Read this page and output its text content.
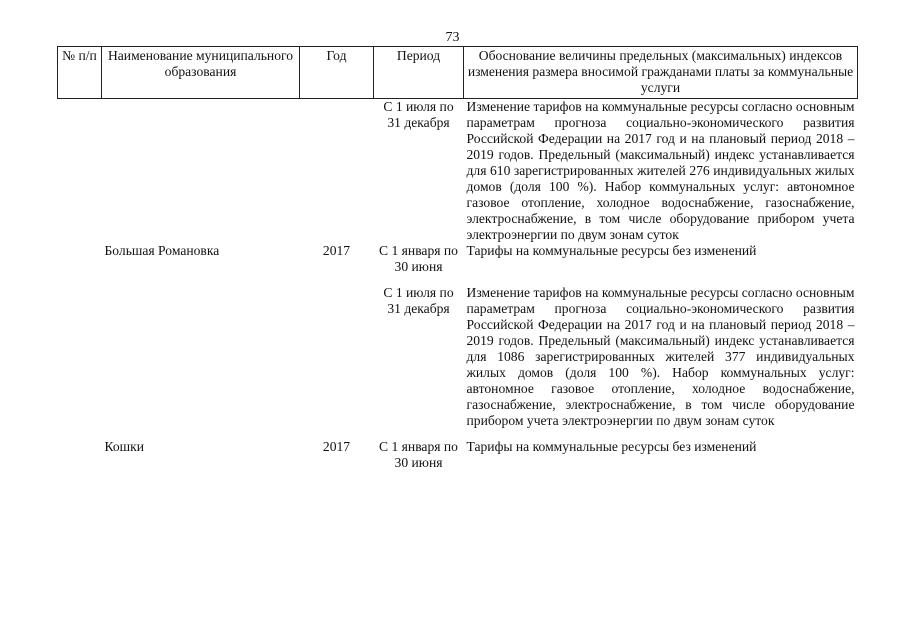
73
№ п/п	Наименование муниципального образования	Год	Период	Обоснование величины предельных (максимальных) индексов изменения размера вносимой гражданами платы за коммунальные услуги
			С 1 июля по 31 декабря	Изменение тарифов на коммунальные ресурсы согласно основным параметрам прогноза социально-экономического развития Российской Федерации на 2017 год и на плановый период 2018 – 2019 годов. Предельный (максимальный) индекс устанавливается для 610 зарегистрированных жителей 276 индивидуальных жилых домов (доля 100 %). Набор коммунальных услуг: автономное газовое отопление, холодное водоснабжение, газоснабжение, электроснабжение, в том числе оборудование прибором учета электроэнергии по двум зонам суток
	Большая Романовка	2017	С 1 января по 30 июня	Тарифы на коммунальные ресурсы без изменений
			С 1 июля по 31 декабря	Изменение тарифов на коммунальные ресурсы согласно основным параметрам прогноза социально-экономического развития Российской Федерации на 2017 год и на плановый период 2018 – 2019 годов. Предельный (максимальный) индекс устанавливается для 1086 зарегистрированных жителей 377 индивидуальных жилых домов (доля 100 %). Набор коммунальных услуг: автономное газовое отопление, холодное водоснабжение, газоснабжение, электроснабжение, в том числе оборудование прибором учета электроэнергии по двум зонам суток
	Кошки	2017	С 1 января по 30 июня	Тарифы на коммунальные ресурсы без изменений
